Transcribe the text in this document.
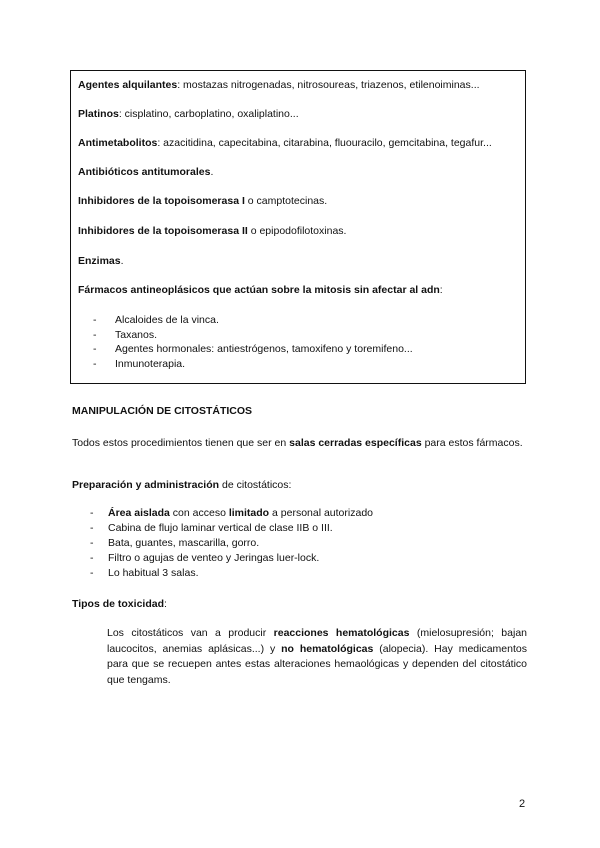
Agentes alquilantes: mostazas nitrogenadas, nitrosoureas, triazenos, etilenoiminas...
Platinos: cisplatino, carboplatino, oxaliplatino...
Antimetabolitos: azacitidina, capecitabina, citarabina, fluouracilo, gemcitabina, tegafur...
Antibióticos antitumorales.
Inhibidores de la topoisomerasa I o camptotecinas.
Inhibidores de la topoisomerasa II o epipodofilotoxinas.
Enzimas.
Fármacos antineoplásicos que actúan sobre la mitosis sin afectar al adn:
- Alcaloides de la vinca.
- Taxanos.
- Agentes hormonales: antiestrógenos, tamoxifeno y toremifeno...
- Inmunoterapia.
MANIPULACIÓN DE CITOSTÁTICOS
Todos estos procedimientos tienen que ser en salas cerradas específicas para estos fármacos.
Preparación y administración de citostáticos:
- Área aislada con acceso limitado a personal autorizado
- Cabina de flujo laminar vertical de clase IIB o III.
- Bata, guantes, mascarilla, gorro.
- Filtro o agujas de venteo y Jeringas luer-lock.
- Lo habitual 3 salas.
Tipos de toxicidad:
Los citostáticos van a producir reacciones hematológicas (mielosupresión; bajan laucocitos, anemias aplásicas...) y no hematológicas (alopecia). Hay medicamentos para que se recuepen antes estas alteraciones hemaológicas y dependen del citostático que tengams.
2
